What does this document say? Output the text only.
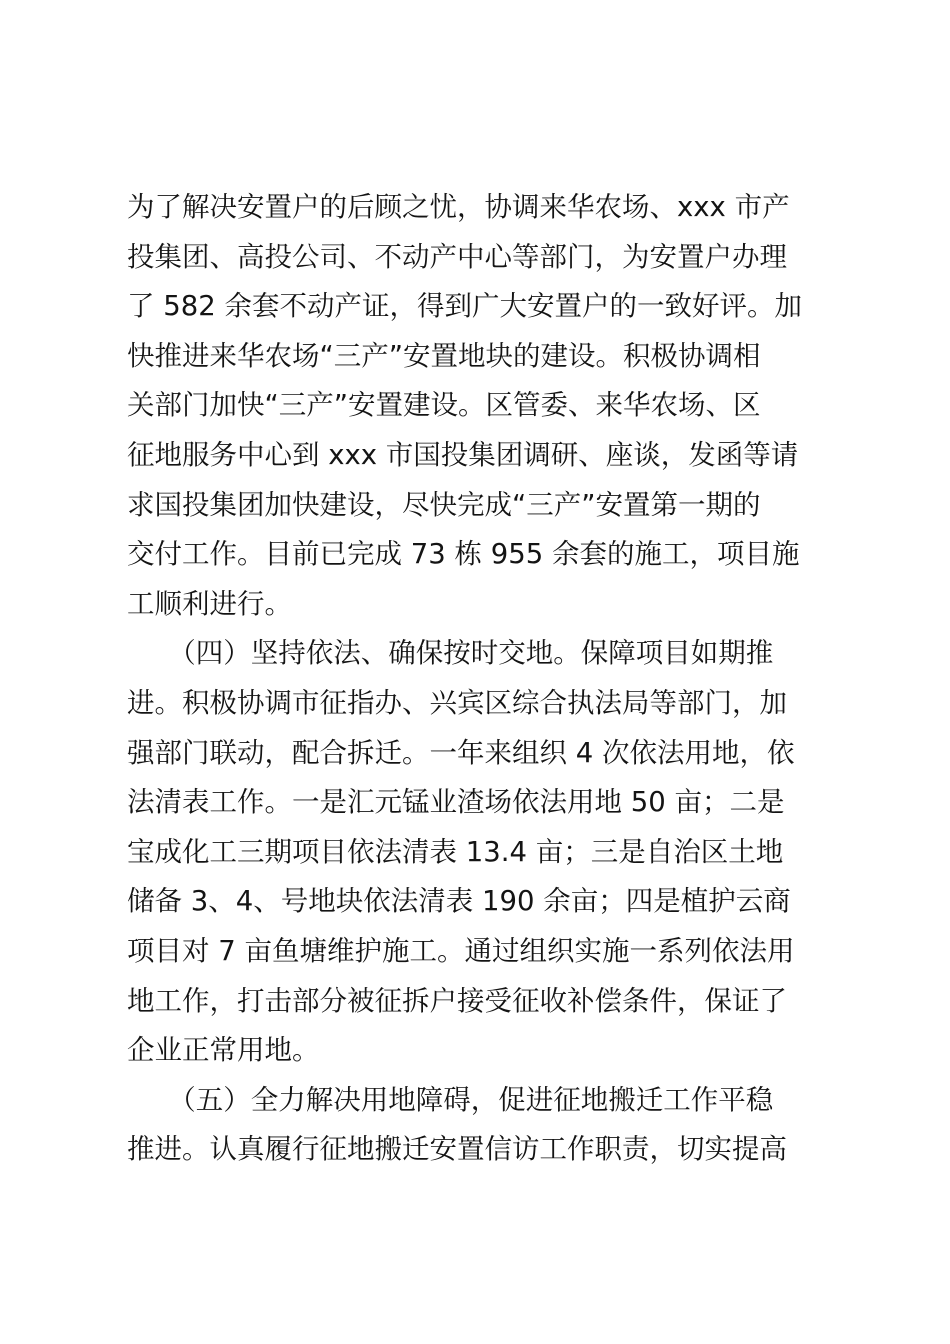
为了解决安置户的后顾之忧，协调来华农场、xxx 市产
投集团、高投公司、不动产中心等部门，为安置户办理
了 582 余套不动产证，得到广大安置户的一致好评。加
快推进来华农场“三产”安置地块的建设。积极协调相
关部门加快“三产”安置建设。区管委、来华农场、区
征地服务中心到 xxx 市国投集团调研、座谈，发函等请
求国投集团加快建设，尽快完成“三产”安置第一期的
交付工作。目前已完成 73 栋 955 余套的施工，项目施
工顺利进行。
　　（四）坚持依法、确保按时交地。保障项目如期推
进。积极协调市征指办、兴宾区综合执法局等部门，加
强部门联动，配合拆迁。一年来组织 4 次依法用地，依
法清表工作。一是汇元锰业渣场依法用地 50 亩；二是
宝成化工三期项目依法清表 13.4 亩；三是自治区土地
储备 3、4、号地块依法清表 190 余亩；四是植护云商
项目对 7 亩鱼塘维护施工。通过组织实施一系列依法用
地工作，打击部分被征拆户接受征收补偿条件，保证了
企业正常用地。
　　（五）全力解决用地障碍，促进征地搬迁工作平稳
推进。认真履行征地搬迁安置信访工作职责，切实提高
